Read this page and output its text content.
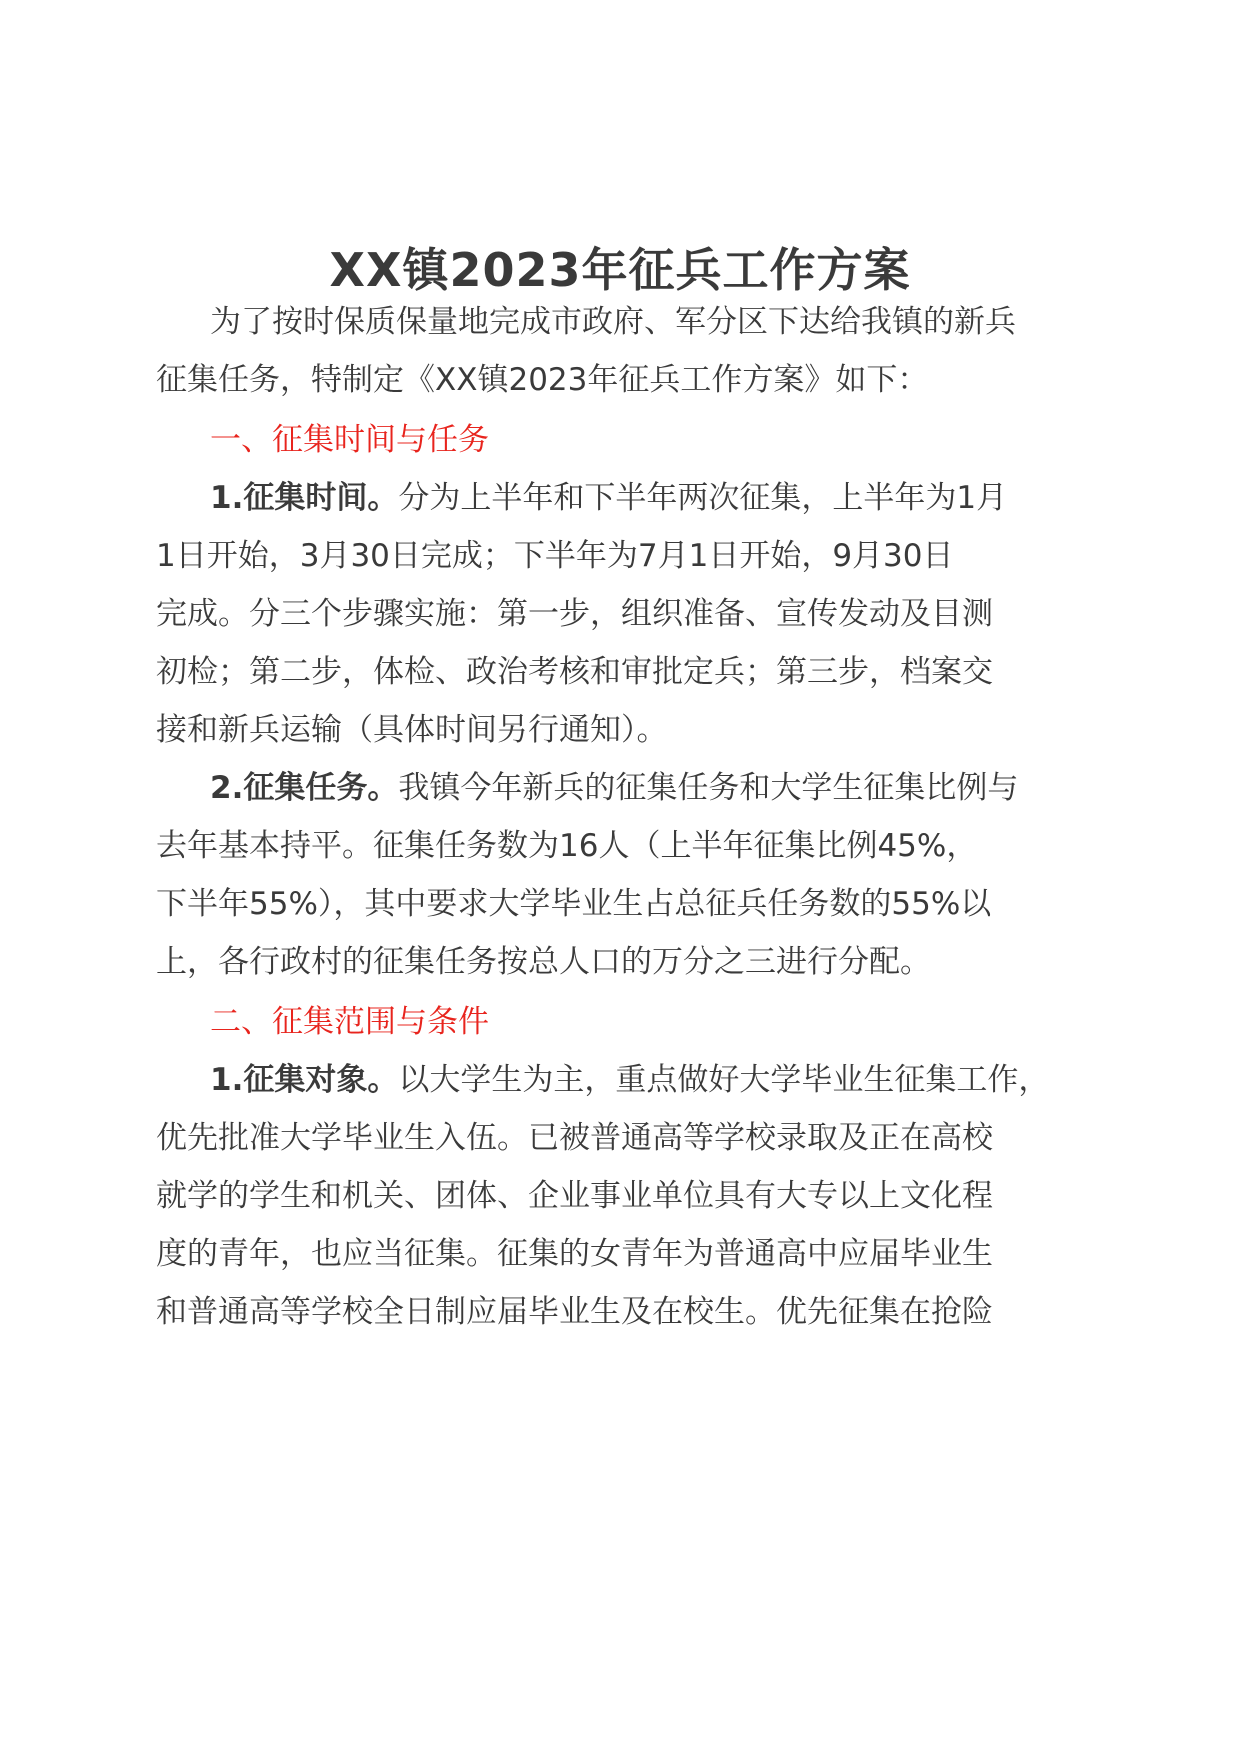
XX镇2023年征兵工作方案
为了按时保质保量地完成市政府、军分区下达给我镇的新兵
征集任务，特制定《XX镇2023年征兵工作方案》如下：
一、征集时间与任务
1.征集时间。分为上半年和下半年两次征集，上半年为1月
1日开始，3月30日完成；下半年为7月1日开始，9月30日
完成。分三个步骤实施：第一步，组织准备、宣传发动及目测
初检；第二步，体检、政治考核和审批定兵；第三步，档案交
接和新兵运输（具体时间另行通知）。
2.征集任务。我镇今年新兵的征集任务和大学生征集比例与
去年基本持平。征集任务数为16人（上半年征集比例45%，
下半年55%），其中要求大学毕业生占总征兵任务数的55%以
上，各行政村的征集任务按总人口的万分之三进行分配。
二、征集范围与条件
1.征集对象。以大学生为主，重点做好大学毕业生征集工作，
优先批准大学毕业生入伍。已被普通高等学校录取及正在高校
就学的学生和机关、团体、企业事业单位具有大专以上文化程
度的青年，也应当征集。征集的女青年为普通高中应届毕业生
和普通高等学校全日制应届毕业生及在校生。优先征集在抢险
